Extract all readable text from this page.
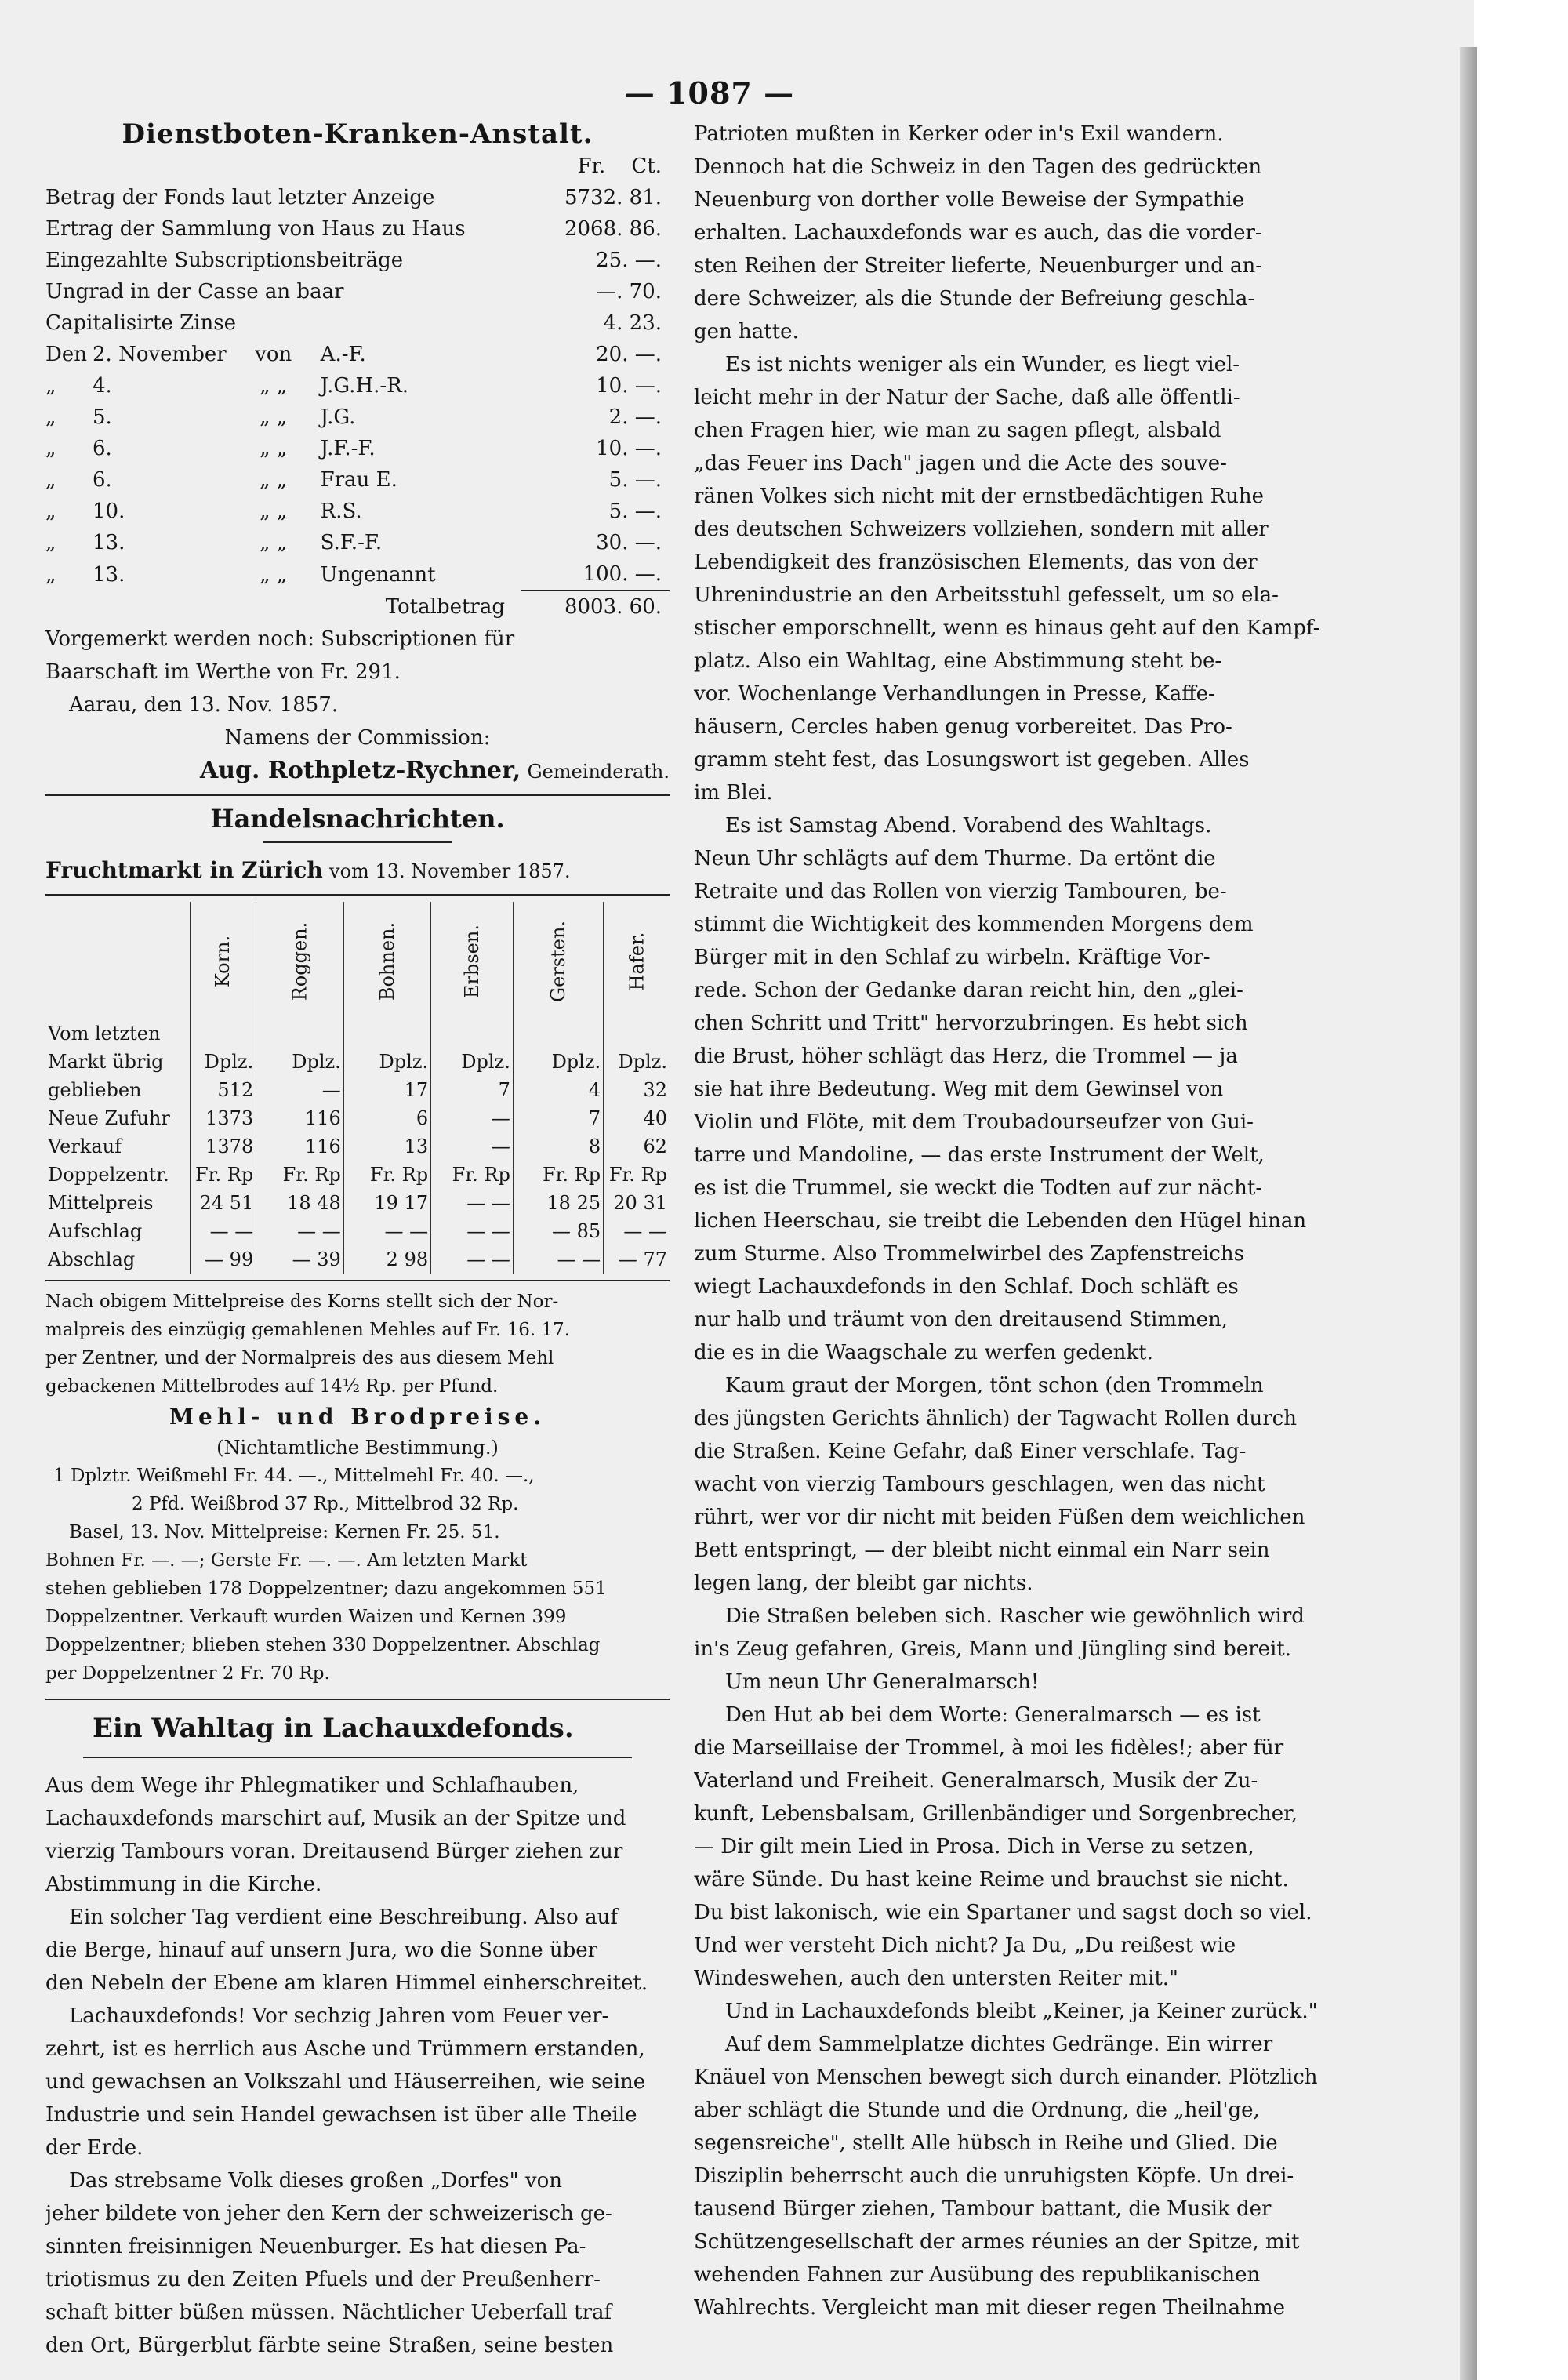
— 1087 —
Dienstboten-Kranken-Anstalt.
				Fr. Ct.
Betrag der Fonds laut letzter Anzeige				5732. 81.
Ertrag der Sammlung von Haus zu Haus				2068. 86.
Eingezahlte Subscriptionsbeiträge				25. —.
Ungrad in der Casse an baar				—. 70.
Capitalisirte Zinse				4. 23.
Den	2. November	von	A.-F.	20. —.
„	4.	„ „	J.G.H.-R.	10. —.
„	5.	„ „	J.G.	2. —.
„	6.	„ „	J.F.-F.	10. —.
„	6.	„ „	Frau E.	5. —.
„	10.	„ „	R.S.	5. —.
„	13.	„ „	S.F.-F.	30. —.
„	13.	„ „	Ungenannt	100. —.
			Totalbetrag	8003. 60.
Vorgemerkt werden noch: Subscriptionen für
Baarschaft im Werthe von Fr. 291.
Aarau, den 13. Nov. 1857.
Namens der Commission:
Aug. Rothpletz-Rychner, Gemeinderath.
Handelsnachrichten.
Fruchtmarkt in Zürich vom 13. November 1857.
	Korn.	Roggen.	Bohnen.	Erbsen.	Gersten.	Hafer.
Vom letzten						
Markt übrig	Dplz.	Dplz.	Dplz.	Dplz.	Dplz.	Dplz.
geblieben	512	—	17	7	4	32
Neue Zufuhr	1373	116	6	—	7	40
Verkauf	1378	116	13	—	8	62
Doppelzentr.	Fr. Rp	Fr. Rp	Fr. Rp	Fr. Rp	Fr. Rp	Fr. Rp
Mittelpreis	24 51	18 48	19 17	— —	18 25	20 31
Aufschlag	— —	— —	— —	— —	— 85	— —
Abschlag	— 99	— 39	2 98	— —	— —	— 77
Nach obigem Mittelpreise des Korns stellt sich der Nor-
malpreis des einzügig gemahlenen Mehles auf Fr. 16. 17.
per Zentner, und der Normalpreis des aus diesem Mehl
gebackenen Mittelbrodes auf 14½ Rp. per Pfund.
Mehl- und Brodpreise.
(Nichtamtliche Bestimmung.)
1 Dplztr. Weißmehl Fr. 44. —., Mittelmehl Fr. 40. —.,
2 Pfd. Weißbrod 37 Rp., Mittelbrod 32 Rp.
Basel, 13. Nov. Mittelpreise: Kernen Fr. 25. 51.
Bohnen Fr. —. —; Gerste Fr. —. —. Am letzten Markt
stehen geblieben 178 Doppelzentner; dazu angekommen 551
Doppelzentner. Verkauft wurden Waizen und Kernen 399
Doppelzentner; blieben stehen 330 Doppelzentner. Abschlag
per Doppelzentner 2 Fr. 70 Rp.
Ein Wahltag in Lachauxdefonds.
Aus dem Wege ihr Phlegmatiker und Schlafhauben,
Lachauxdefonds marschirt auf, Musik an der Spitze und
vierzig Tambours voran. Dreitausend Bürger ziehen zur
Abstimmung in die Kirche.
Ein solcher Tag verdient eine Beschreibung. Also auf
die Berge, hinauf auf unsern Jura, wo die Sonne über
den Nebeln der Ebene am klaren Himmel einherschreitet.
Lachauxdefonds! Vor sechzig Jahren vom Feuer ver-
zehrt, ist es herrlich aus Asche und Trümmern erstanden,
und gewachsen an Volkszahl und Häuserreihen, wie seine
Industrie und sein Handel gewachsen ist über alle Theile
der Erde.
Das strebsame Volk dieses großen „Dorfes" von
jeher bildete von jeher den Kern der schweizerisch ge-
sinnten freisinnigen Neuenburger. Es hat diesen Pa-
triotismus zu den Zeiten Pfuels und der Preußenherr-
schaft bitter büßen müssen. Nächtlicher Ueberfall traf
den Ort, Bürgerblut färbte seine Straßen, seine besten
Patrioten mußten in Kerker oder in's Exil wandern.
Dennoch hat die Schweiz in den Tagen des gedrückten
Neuenburg von dorther volle Beweise der Sympathie
erhalten. Lachauxdefonds war es auch, das die vorder-
sten Reihen der Streiter lieferte, Neuenburger und an-
dere Schweizer, als die Stunde der Befreiung geschla-
gen hatte.
Es ist nichts weniger als ein Wunder, es liegt viel-
leicht mehr in der Natur der Sache, daß alle öffentli-
chen Fragen hier, wie man zu sagen pflegt, alsbald
„das Feuer ins Dach" jagen und die Acte des souve-
ränen Volkes sich nicht mit der ernstbedächtigen Ruhe
des deutschen Schweizers vollziehen, sondern mit aller
Lebendigkeit des französischen Elements, das von der
Uhrenindustrie an den Arbeitsstuhl gefesselt, um so ela-
stischer emporschnellt, wenn es hinaus geht auf den Kampf-
platz. Also ein Wahltag, eine Abstimmung steht be-
vor. Wochenlange Verhandlungen in Presse, Kaffe-
häusern, Cercles haben genug vorbereitet. Das Pro-
gramm steht fest, das Losungswort ist gegeben. Alles
im Blei.
Es ist Samstag Abend. Vorabend des Wahltags.
Neun Uhr schlägts auf dem Thurme. Da ertönt die
Retraite und das Rollen von vierzig Tambouren, be-
stimmt die Wichtigkeit des kommenden Morgens dem
Bürger mit in den Schlaf zu wirbeln. Kräftige Vor-
rede. Schon der Gedanke daran reicht hin, den „glei-
chen Schritt und Tritt" hervorzubringen. Es hebt sich
die Brust, höher schlägt das Herz, die Trommel — ja
sie hat ihre Bedeutung. Weg mit dem Gewinsel von
Violin und Flöte, mit dem Troubadourseufzer von Gui-
tarre und Mandoline, — das erste Instrument der Welt,
es ist die Trummel, sie weckt die Todten auf zur nächt-
lichen Heerschau, sie treibt die Lebenden den Hügel hinan
zum Sturme. Also Trommelwirbel des Zapfenstreichs
wiegt Lachauxdefonds in den Schlaf. Doch schläft es
nur halb und träumt von den dreitausend Stimmen,
die es in die Waagschale zu werfen gedenkt.
Kaum graut der Morgen, tönt schon (den Trommeln
des jüngsten Gerichts ähnlich) der Tagwacht Rollen durch
die Straßen. Keine Gefahr, daß Einer verschlafe. Tag-
wacht von vierzig Tambours geschlagen, wen das nicht
rührt, wer vor dir nicht mit beiden Füßen dem weichlichen
Bett entspringt, — der bleibt nicht einmal ein Narr sein
legen lang, der bleibt gar nichts.
Die Straßen beleben sich. Rascher wie gewöhnlich wird
in's Zeug gefahren, Greis, Mann und Jüngling sind bereit.
Um neun Uhr Generalmarsch!
Den Hut ab bei dem Worte: Generalmarsch — es ist
die Marseillaise der Trommel, à moi les fidèles!; aber für
Vaterland und Freiheit. Generalmarsch, Musik der Zu-
kunft, Lebensbalsam, Grillenbändiger und Sorgenbrecher,
— Dir gilt mein Lied in Prosa. Dich in Verse zu setzen,
wäre Sünde. Du hast keine Reime und brauchst sie nicht.
Du bist lakonisch, wie ein Spartaner und sagst doch so viel.
Und wer versteht Dich nicht? Ja Du, „Du reißest wie
Windeswehen, auch den untersten Reiter mit."
Und in Lachauxdefonds bleibt „Keiner, ja Keiner zurück."
Auf dem Sammelplatze dichtes Gedränge. Ein wirrer
Knäuel von Menschen bewegt sich durch einander. Plötzlich
aber schlägt die Stunde und die Ordnung, die „heil'ge,
segensreiche", stellt Alle hübsch in Reihe und Glied. Die
Disziplin beherrscht auch die unruhigsten Köpfe. Un drei-
tausend Bürger ziehen, Tambour battant, die Musik der
Schützengesellschaft der armes réunies an der Spitze, mit
wehenden Fahnen zur Ausübung des republikanischen
Wahlrechts. Vergleicht man mit dieser regen Theilnahme
